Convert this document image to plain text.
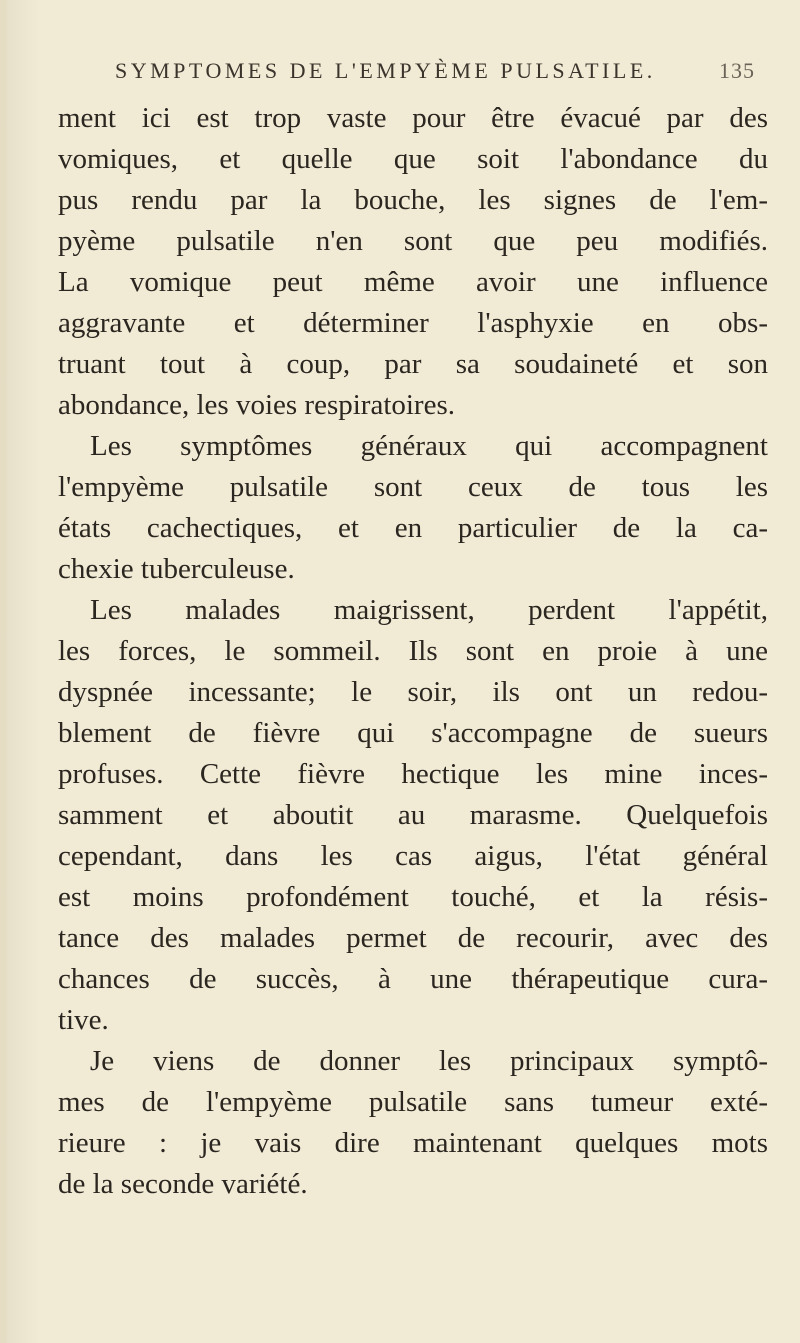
SYMPTOMES DE L'EMPYÈME PULSATILE.	135
ment ici est trop vaste pour être évacué par des
vomiques, et quelle que soit l'abondance du
pus rendu par la bouche, les signes de l'em-
pyème pulsatile n'en sont que peu modifiés.
La vomique peut même avoir une influence
aggravante et déterminer l'asphyxie en obs-
truant tout à coup, par sa soudaineté et son
abondance, les voies respiratoires.
Les symptômes généraux qui accompagnent
l'empyème pulsatile sont ceux de tous les
états cachectiques, et en particulier de la ca-
chexie tuberculeuse.
Les malades maigrissent, perdent l'appétit,
les forces, le sommeil. Ils sont en proie à une
dyspnée incessante; le soir, ils ont un redou-
blement de fièvre qui s'accompagne de sueurs
profuses. Cette fièvre hectique les mine inces-
samment et aboutit au marasme. Quelquefois
cependant, dans les cas aigus, l'état général
est moins profondément touché, et la résis-
tance des malades permet de recourir, avec des
chances de succès, à une thérapeutique cura-
tive.
Je viens de donner les principaux symptô-
mes de l'empyème pulsatile sans tumeur exté-
rieure : je vais dire maintenant quelques mots
de la seconde variété.
